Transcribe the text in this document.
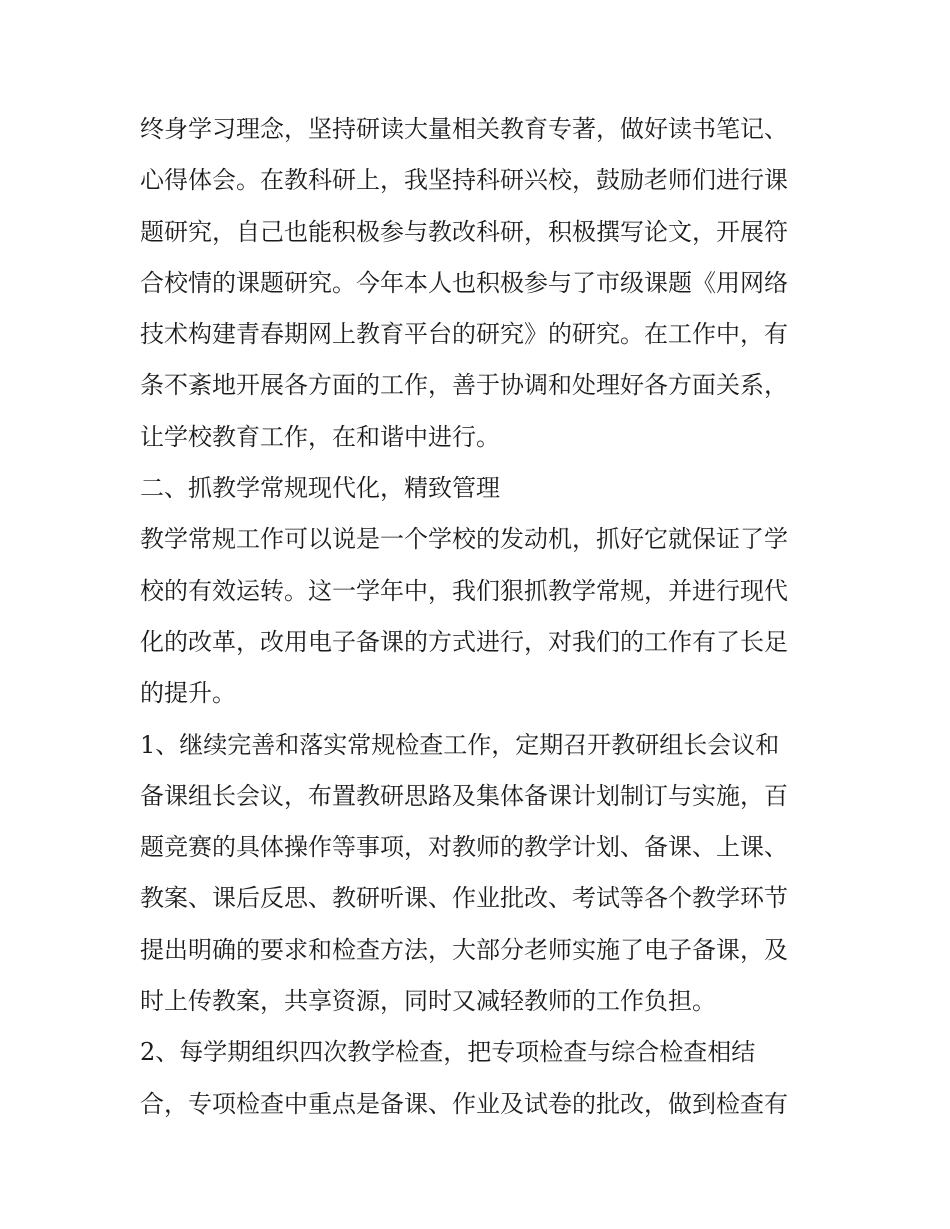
终身学习理念，坚持研读大量相关教育专著，做好读书笔记、
心得体会。在教科研上，我坚持科研兴校，鼓励老师们进行课
题研究，自己也能积极参与教改科研，积极撰写论文，开展符
合校情的课题研究。今年本人也积极参与了市级课题《用网络
技术构建青春期网上教育平台的研究》的研究。在工作中，有
条不紊地开展各方面的工作，善于协调和处理好各方面关系，
让学校教育工作，在和谐中进行。
二、抓教学常规现代化，精致管理
教学常规工作可以说是一个学校的发动机，抓好它就保证了学
校的有效运转。这一学年中，我们狠抓教学常规，并进行现代
化的改革，改用电子备课的方式进行，对我们的工作有了长足
的提升。
1、继续完善和落实常规检查工作，定期召开教研组长会议和
备课组长会议，布置教研思路及集体备课计划制订与实施，百
题竞赛的具体操作等事项，对教师的教学计划、备课、上课、
教案、课后反思、教研听课、作业批改、考试等各个教学环节
提出明确的要求和检查方法，大部分老师实施了电子备课，及
时上传教案，共享资源，同时又减轻教师的工作负担。
2、每学期组织四次教学检查，把专项检查与综合检查相结
合，专项检查中重点是备课、作业及试卷的批改，做到检查有
